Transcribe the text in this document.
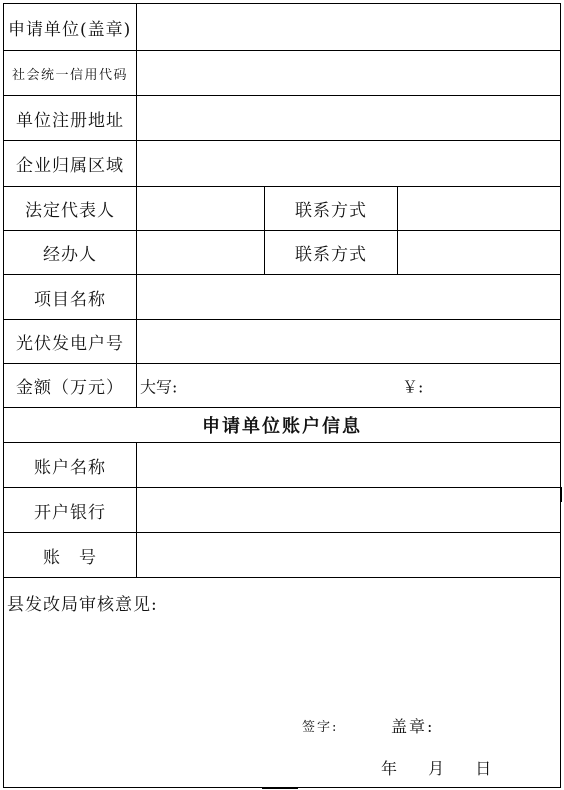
申请单位(盖章)
社会统一信用代码
单位注册地址
企业归属区域
法定代表人	联系方式
经办人	联系方式
项目名称
光伏发电户号
金额（万元）	大写:	￥:
申请单位账户信息
账户名称
开户银行
账　号
县发改局审核意见:
签字:	盖章:
年 月 日
